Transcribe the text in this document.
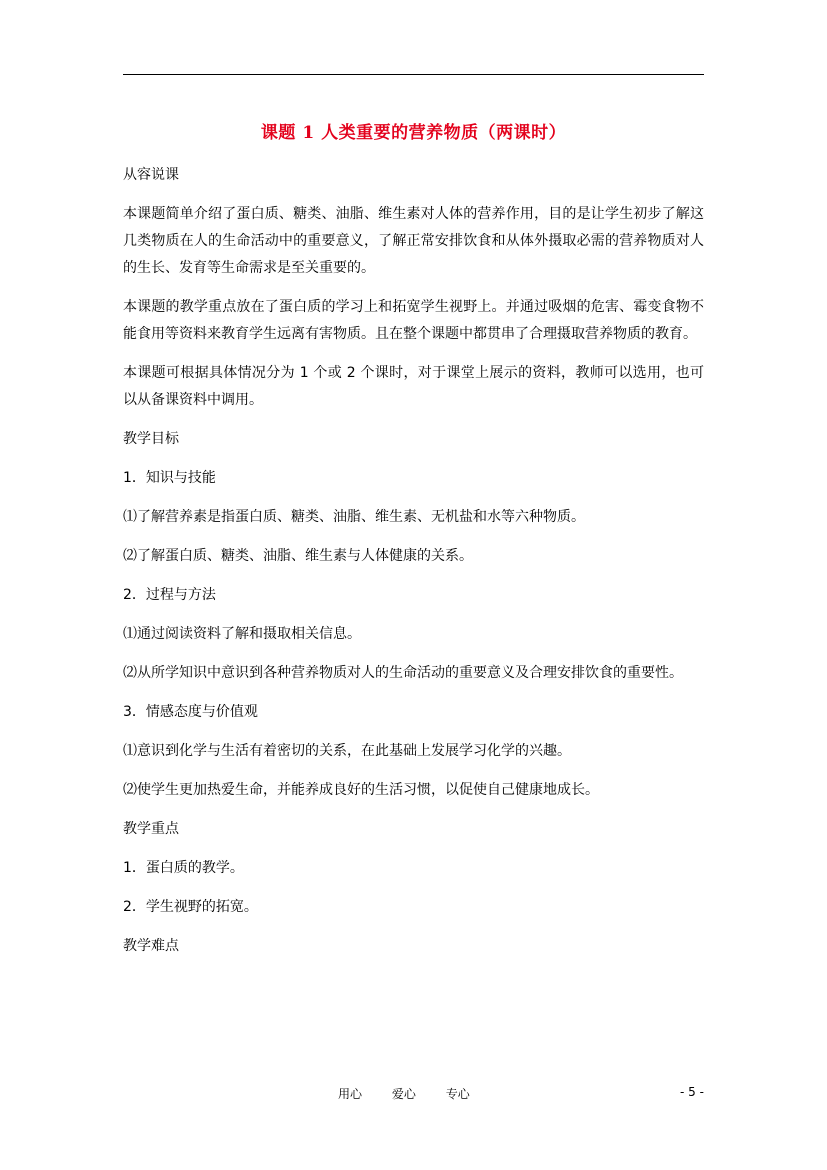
课题 1 人类重要的营养物质（两课时）

从容说课

本课题简单介绍了蛋白质、糖类、油脂、维生素对人体的营养作用，目的是让学生初步了解这几类物质在人的生命活动中的重要意义，了解正常安排饮食和从体外摄取必需的营养物质对人的生长、发育等生命需求是至关重要的。

本课题的教学重点放在了蛋白质的学习上和拓宽学生视野上。并通过吸烟的危害、霉变食物不能食用等资料来教育学生远离有害物质。且在整个课题中都贯串了合理摄取营养物质的教育。

本课题可根据具体情况分为 1 个或 2 个课时，对于课堂上展示的资料，教师可以选用，也可以从备课资料中调用。

教学目标

1．知识与技能

⑴了解营养素是指蛋白质、糖类、油脂、维生素、无机盐和水等六种物质。

⑵了解蛋白质、糖类、油脂、维生素与人体健康的关系。

2．过程与方法

⑴通过阅读资料了解和摄取相关信息。

⑵从所学知识中意识到各种营养物质对人的生命活动的重要意义及合理安排饮食的重要性。

3．情感态度与价值观

⑴意识到化学与生活有着密切的关系，在此基础上发展学习化学的兴趣。

⑵使学生更加热爱生命，并能养成良好的生活习惯，以促使自己健康地成长。

教学重点

1．蛋白质的教学。

2．学生视野的拓宽。

教学难点

用心 爱心 专心	- 5 -
